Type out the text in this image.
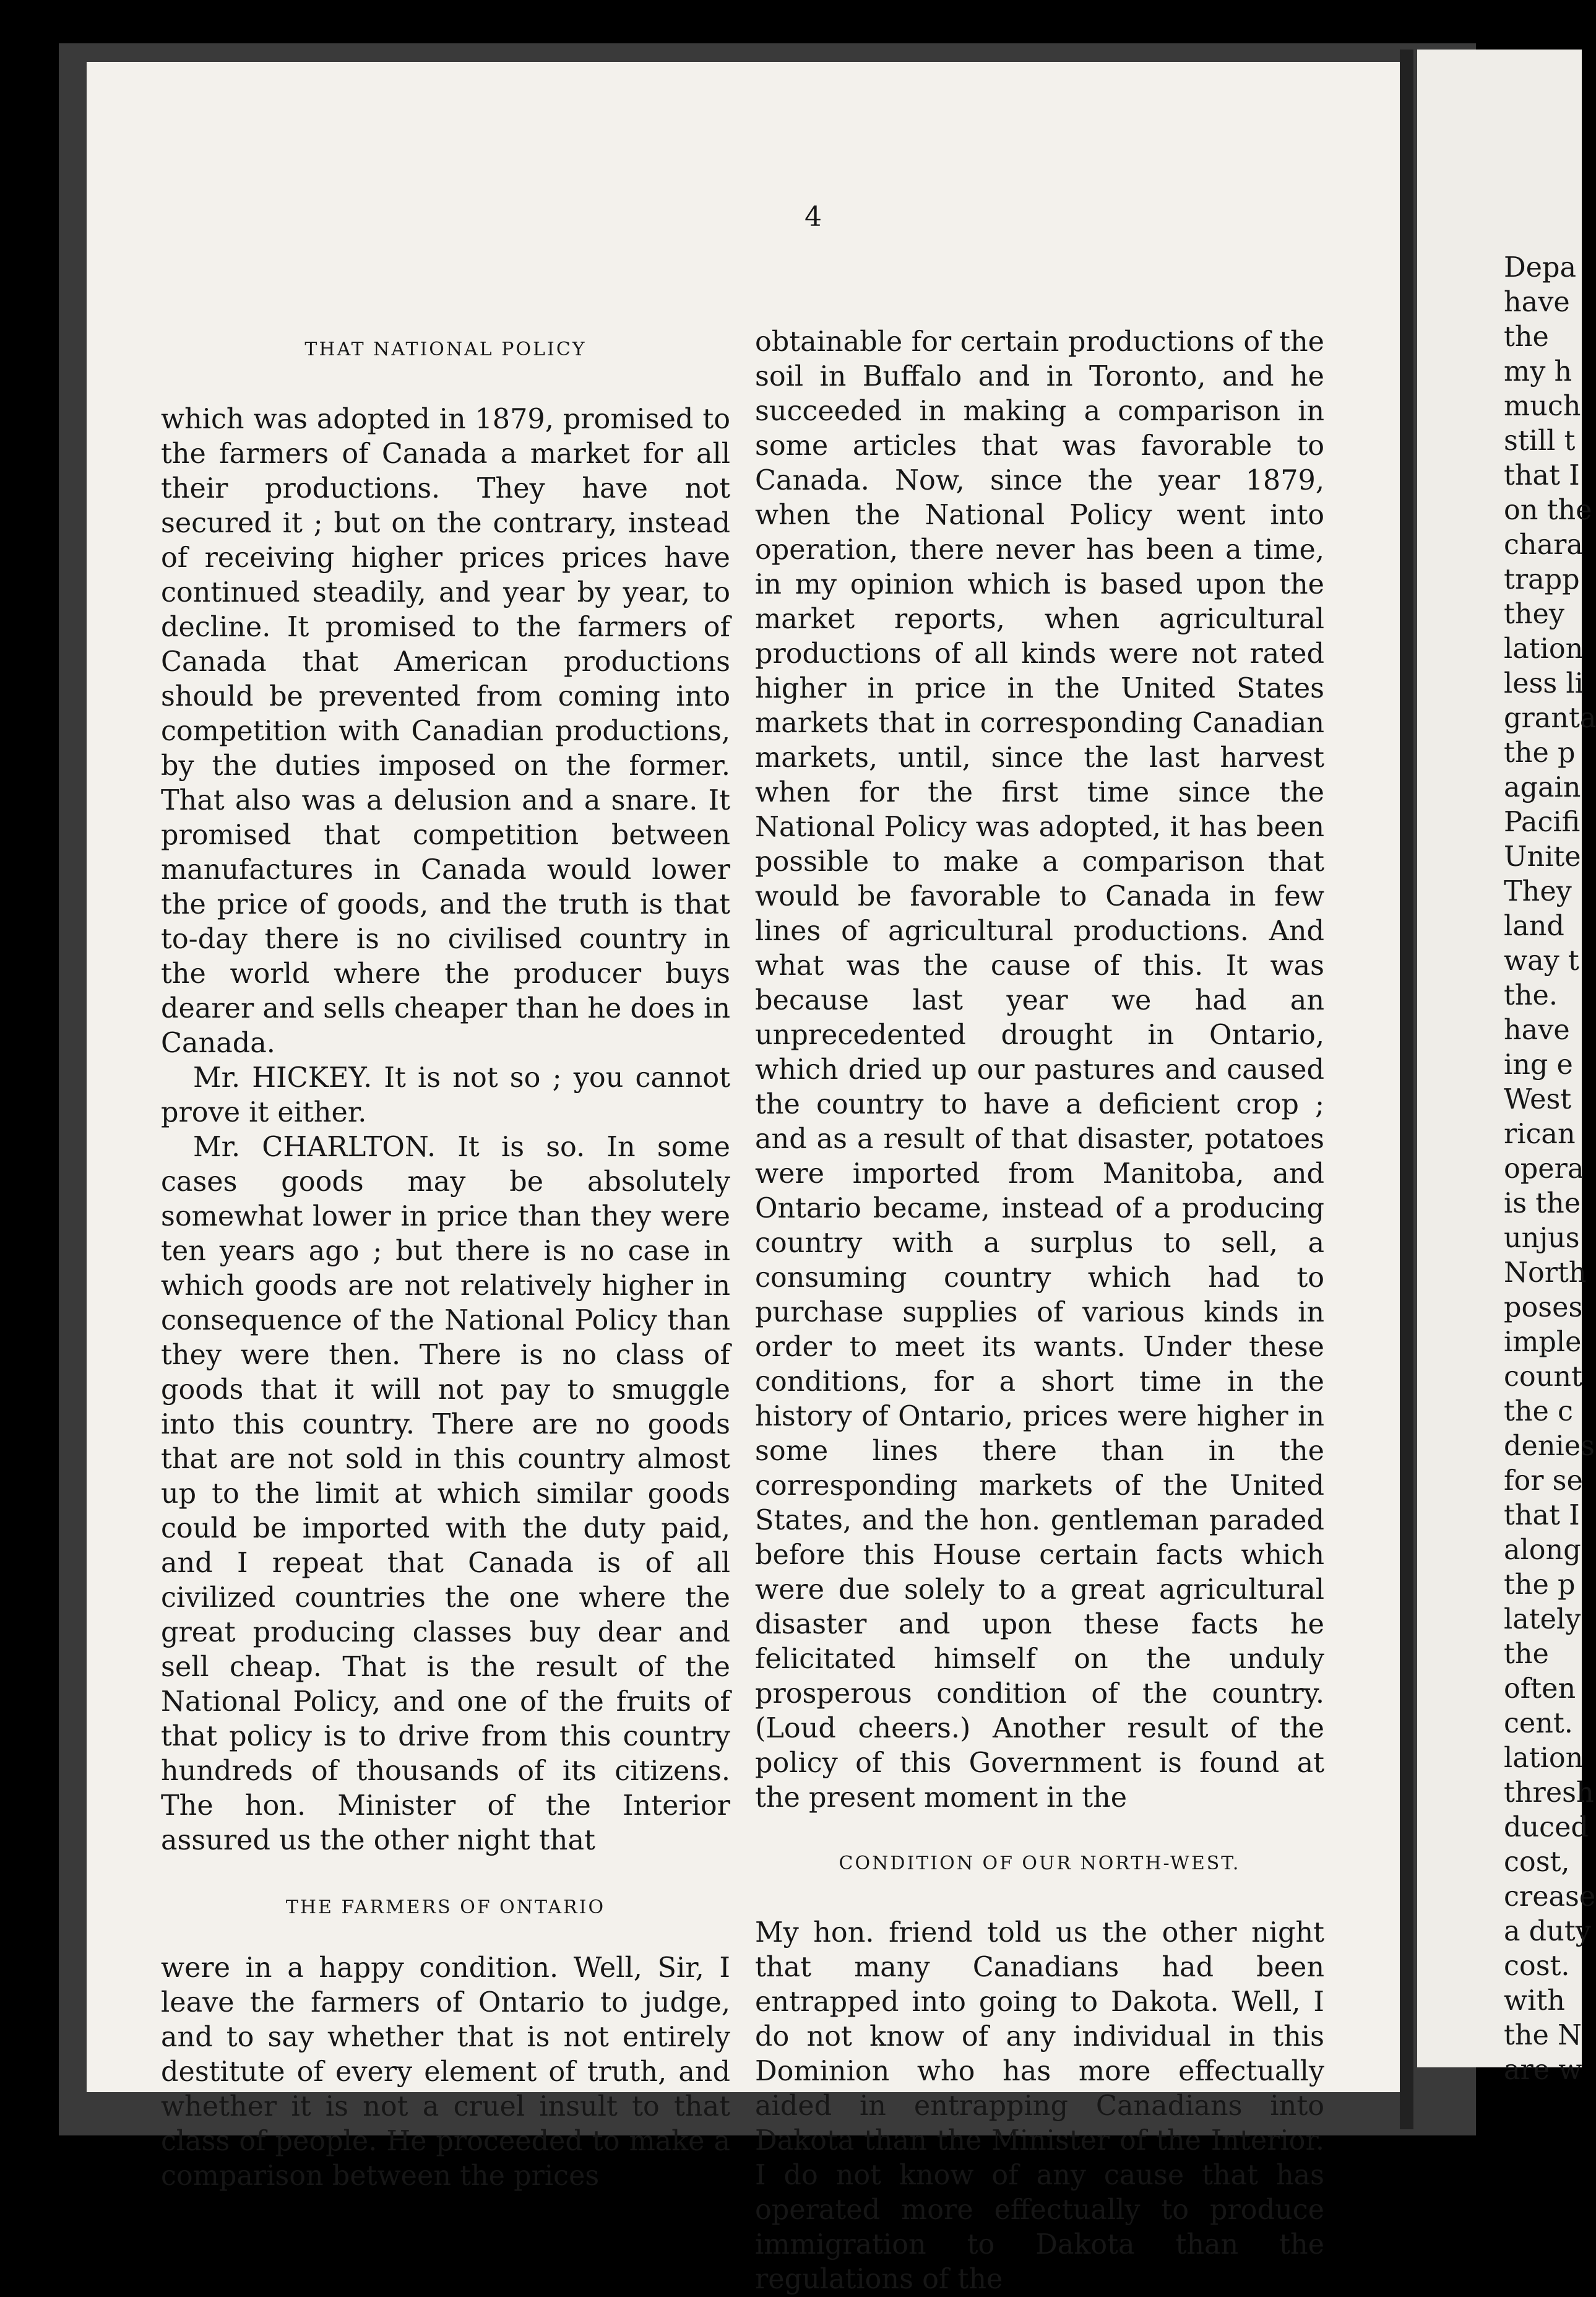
4
THAT NATIONAL POLICY

which was adopted in 1879, promised to the farmers of Canada a market for all their productions. They have not secured it ; but on the contrary, instead of receiving higher prices prices have continued steadily, and year by year, to decline. It promised to the farmers of Canada that American productions should be prevented from coming into competition with Canadian productions, by the duties imposed on the former. That also was a delusion and a snare. It promised that competition between manufactures in Canada would lower the price of goods, and the truth is that to-day there is no civilised country in the world where the producer buys dearer and sells cheaper than he does in Canada.

Mr. HICKEY. It is not so ; you cannot prove it either.

Mr. CHARLTON. It is so. In some cases goods may be absolutely somewhat lower in price than they were ten years ago ; but there is no case in which goods are not relatively higher in consequence of the National Policy than they were then. There is no class of goods that it will not pay to smuggle into this country. There are no goods that are not sold in this country almost up to the limit at which similar goods could be imported with the duty paid, and I repeat that Canada is of all civilized countries the one where the great producing classes buy dear and sell cheap. That is the result of the National Policy, and one of the fruits of that policy is to drive from this country hundreds of thousands of its citizens. The hon. Minister of the Interior assured us the other night that

THE FARMERS OF ONTARIO

were in a happy condition. Well, Sir, I leave the farmers of Ontario to judge, and to say whether that is not entirely destitute of every element of truth, and whether it is not a cruel insult to that class of people. He proceeded to make a comparison between the prices

obtainable for certain productions of the soil in Buffalo and in Toronto, and he succeeded in making a comparison in some articles that was favorable to Canada. Now, since the year 1879, when the National Policy went into operation, there never has been a time, in my opinion which is based upon the market reports, when agricultural productions of all kinds were not rated higher in price in the United States markets that in corresponding Canadian markets, until, since the last harvest when for the first time since the National Policy was adopted, it has been possible to make a comparison that would be favorable to Canada in few lines of agricultural productions. And what was the cause of this. It was because last year we had an unprecedented drought in Ontario, which dried up our pastures and caused the country to have a deficient crop ; and as a result of that disaster, potatoes were imported from Manitoba, and Ontario became, instead of a producing country with a surplus to sell, a consuming country which had to purchase supplies of various kinds in order to meet its wants. Under these conditions, for a short time in the history of Ontario, prices were higher in some lines there than in the corresponding markets of the United States, and the hon. gentleman paraded before this House certain facts which were due solely to a great agricultural disaster and upon these facts he felicitated himself on the unduly prosperous condition of the country. (Loud cheers.) Another result of the policy of this Government is found at the present moment in the

CONDITION OF OUR NORTH-WEST.

My hon. friend told us the other night that many Canadians had been entrapped into going to Dakota. Well, I do not know of any individual in this Dominion who has more effectually aided in entrapping Canadians into Dakota than the Minister of the Interior. I do not know of any cause that has operated more effectually to produce immigration to Dakota than the regulations of the

Depa
have
the
my h
much
still t
that I
on the
chara
trapp
they
lation
less li
granta
the p
again
Pacifi
Unite
They
land
way t
the.
have
ing e
West
rican
opera
is the
unjus
North
poses
imple
count
the c
denies
for se
that I
along
the p
lately
the
often
cent.
lation
thresh
duced
cost,
crease
a duty
cost.
with
the N
are w
